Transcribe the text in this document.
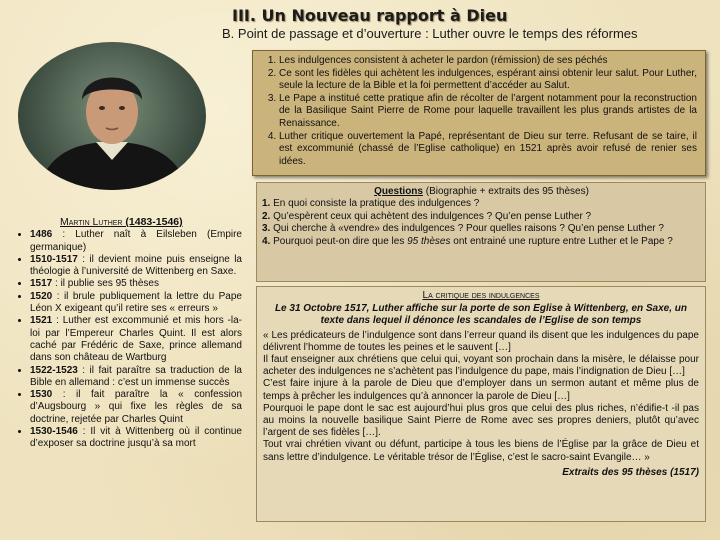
III. Un Nouveau rapport à Dieu

B. Point de passage et d’ouverture : Luther ouvre le temps des réformes

1. Les indulgences consistent à acheter le pardon (rémission) de ses péchés
2. Ce sont les fidèles qui achètent les indulgences, espérant ainsi obtenir leur salut. Pour Luther, seule la lecture de la Bible et la foi permettent d’accéder au Salut.
3. Le Pape a institué cette pratique afin de récolter de l’argent notamment pour la reconstruction de la Basilique Saint Pierre de Rome pour laquelle travaillent les plus grands artistes de la Renaissance.
4. Luther critique ouvertement la Papé, représentant de Dieu sur terre. Refusant de se taire, il est excommunié (chassé de l’Eglise catholique) en 1521 après avoir refusé de renier ses idées.

Martin Luther (1483-1546)

• 1486 : Luther naît à Eilsleben (Empire germanique)
• 1510-1517 : il devient moine puis enseigne la théologie à l’université de Wittenberg en Saxe.
• 1517 : il publie ses 95 thèses
• 1520 : il brule publiquement la lettre du Pape Léon X exigeant qu’il retire ses « erreurs »
• 1521 : Luther est excommunié et mis hors -la-loi par l’Empereur Charles Quint. Il est alors caché par Frédéric de Saxe, prince allemand dans son château de Wartburg
• 1522-1523 : il fait paraître sa traduction de la Bible en allemand : c’est un immense succès
• 1530 : il fait paraître la « confession d’Augsbourg » qui fixe les règles de sa doctrine, rejetée par Charles Quint
• 1530-1546 : Il vit à Wittenberg où il continue d’exposer sa doctrine jusqu’à sa mort
Questions (Biographie + extraits des 95 thèses)
1. En quoi consiste la pratique des indulgences ?
2. Qu’espèrent ceux qui achètent des indulgences ? Qu’en pense Luther ?
3. Qui cherche à «vendre» des indulgences ? Pour quelles raisons ? Qu’en pense Luther ?
4. Pourquoi peut-on dire que les 95 thèses ont entrainé une rupture entre Luther et le Pape ?
La critique des indulgences

Le 31 Octobre 1517, Luther affiche sur la porte de son Eglise à Wittenberg, en Saxe, un texte dans lequel il dénonce les scandales de l’Eglise de son temps

« Les prédicateurs de l’indulgence sont dans l’erreur quand ils disent que les indulgences du pape délivrent l’homme de toutes les peines et le sauvent […]

Il faut enseigner aux chrétiens que celui qui, voyant son prochain dans la misère, le délaisse pour acheter des indulgences ne s’achètent pas l’indulgence du pape, mais l’indignation de Dieu […]

C’est faire injure à la parole de Dieu que d’employer dans un sermon autant et même plus de temps à prêcher les indulgences qu’à annoncer la parole de Dieu […]

Pourquoi le pape dont le sac est aujourd’hui plus gros que celui des plus riches, n’édifie-t -il pas au moins la nouvelle basilique Saint Pierre de Rome avec ses propres deniers, plutôt qu’avec l’argent de ses fidèles […].

Tout vrai chrétien vivant ou défunt, participe à tous les biens de l’Église par la grâce de Dieu et sans lettre d’indulgence. Le véritable trésor de l’Église, c’est le sacro-saint Evangile… »

Extraits des 95 thèses (1517)
